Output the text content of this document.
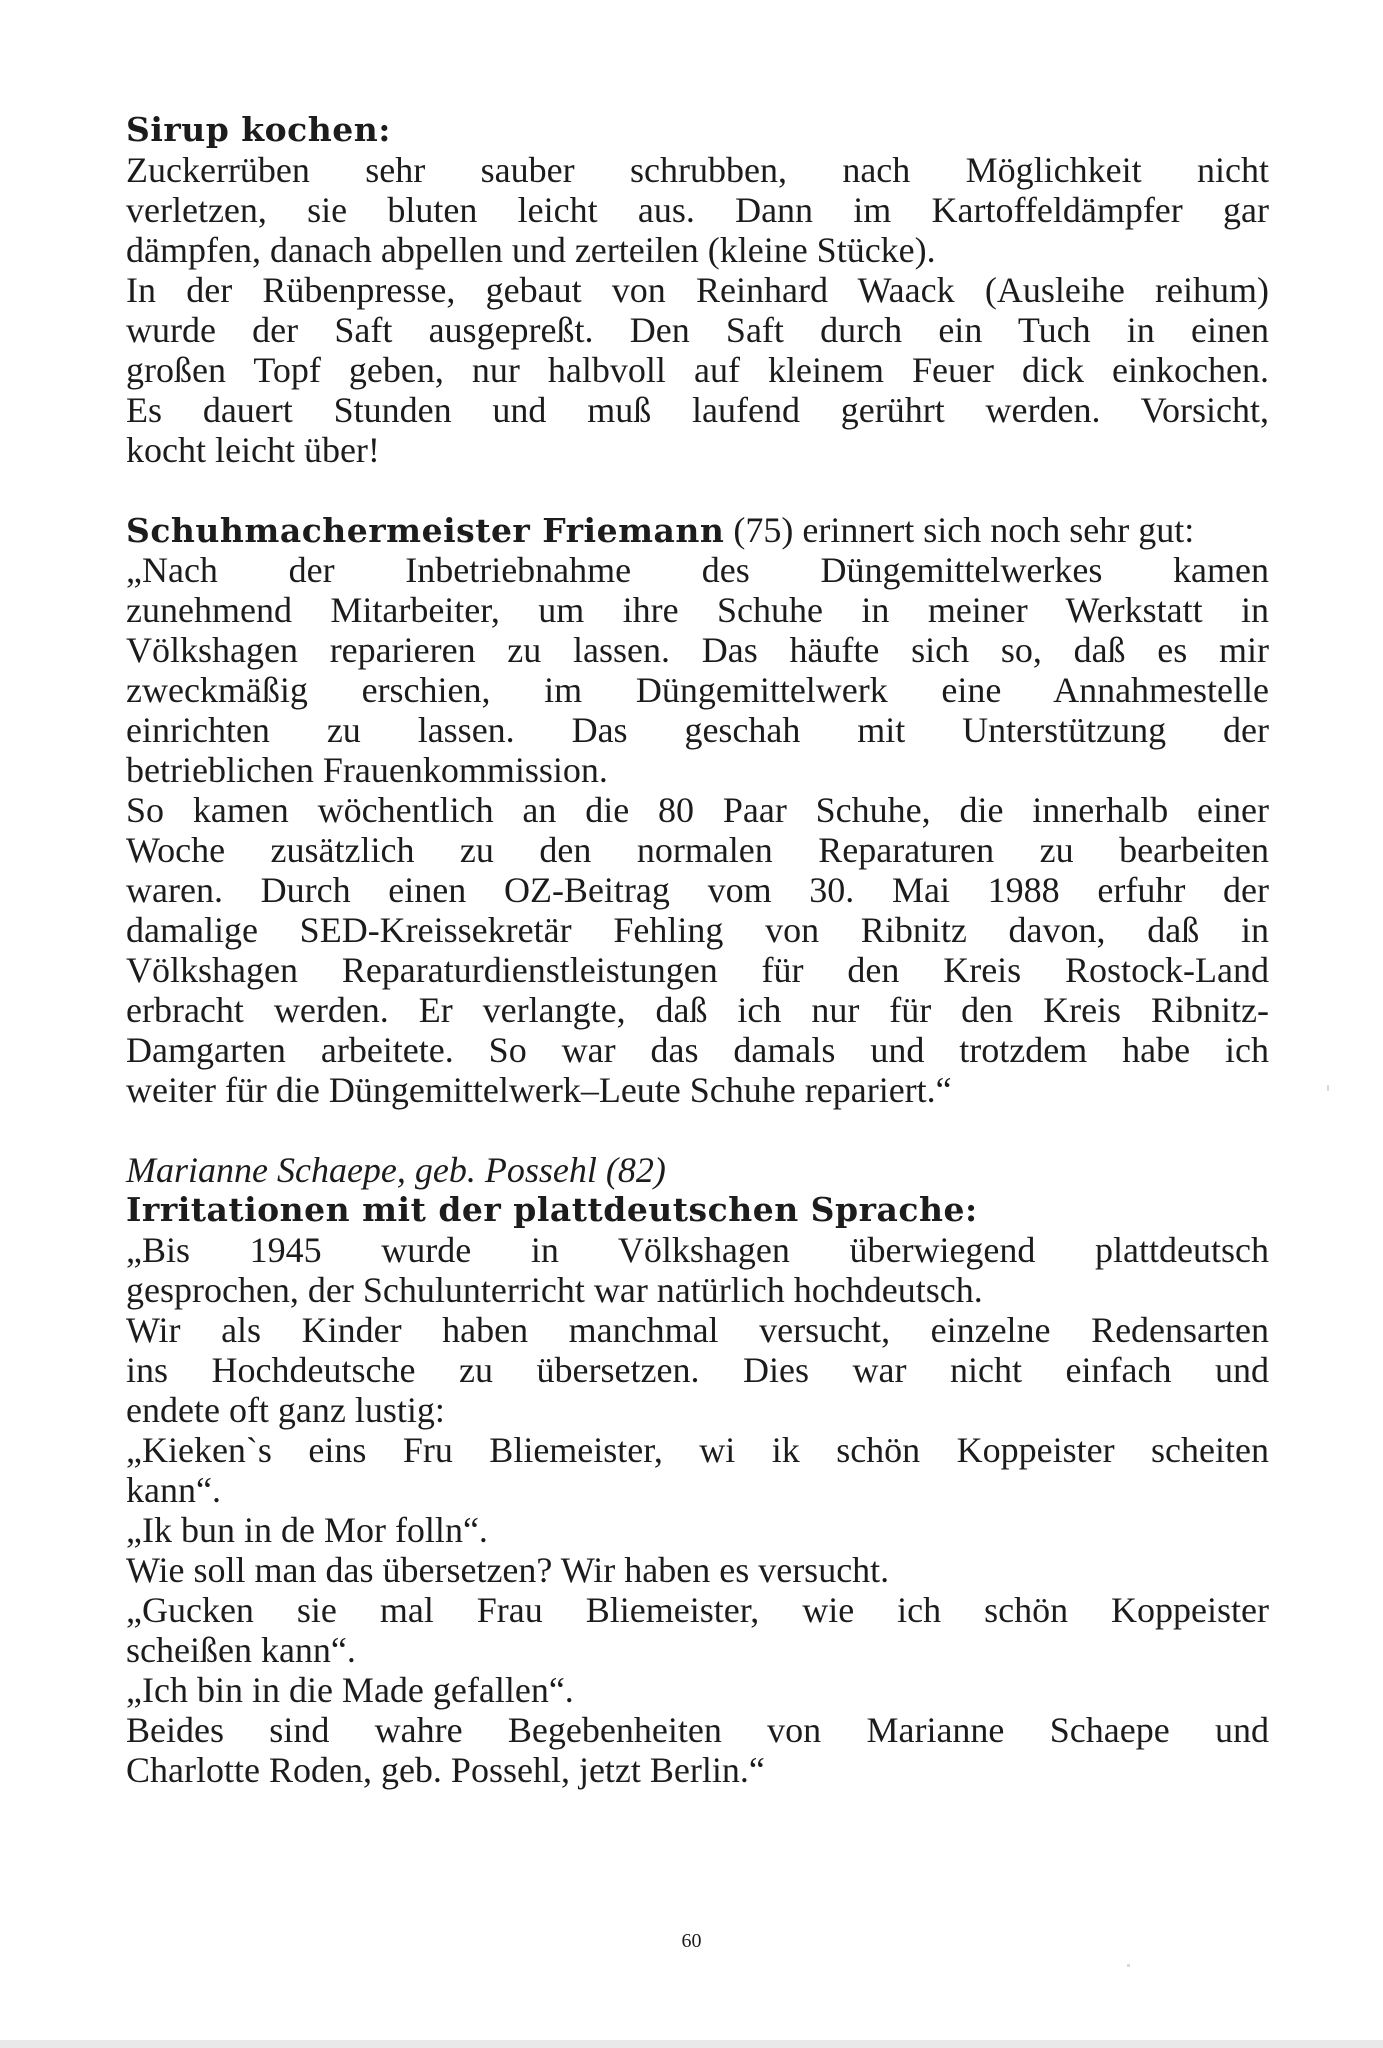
Sirup kochen:
Zuckerrüben sehr sauber schrubben, nach Möglichkeit nicht
verletzen, sie bluten leicht aus. Dann im Kartoffeldämpfer gar
dämpfen, danach abpellen und zerteilen (kleine Stücke).
In der Rübenpresse, gebaut von Reinhard Waack (Ausleihe reihum)
wurde der Saft ausgepreßt. Den Saft durch ein Tuch in einen
großen Topf geben, nur halbvoll auf kleinem Feuer dick einkochen.
Es dauert Stunden und muß laufend gerührt werden. Vorsicht,
kocht leicht über!
Schuhmachermeister Friemann (75) erinnert sich noch sehr gut:
„Nach der Inbetriebnahme des Düngemittelwerkes kamen
zunehmend Mitarbeiter, um ihre Schuhe in meiner Werkstatt in
Völkshagen reparieren zu lassen. Das häufte sich so, daß es mir
zweckmäßig erschien, im Düngemittelwerk eine Annahmestelle
einrichten zu lassen. Das geschah mit Unterstützung der
betrieblichen Frauenkommission.
So kamen wöchentlich an die 80 Paar Schuhe, die innerhalb einer
Woche zusätzlich zu den normalen Reparaturen zu bearbeiten
waren. Durch einen OZ-Beitrag vom 30. Mai 1988 erfuhr der
damalige SED-Kreissekretär Fehling von Ribnitz davon, daß in
Völkshagen Reparaturdienstleistungen für den Kreis Rostock-Land
erbracht werden. Er verlangte, daß ich nur für den Kreis Ribnitz-
Damgarten arbeitete. So war das damals und trotzdem habe ich
weiter für die Düngemittelwerk–Leute Schuhe repariert.“
Marianne Schaepe, geb. Possehl (82)
Irritationen mit der plattdeutschen Sprache:
„Bis 1945 wurde in Völkshagen überwiegend plattdeutsch
gesprochen, der Schulunterricht war natürlich hochdeutsch.
Wir als Kinder haben manchmal versucht, einzelne Redensarten
ins Hochdeutsche zu übersetzen. Dies war nicht einfach und
endete oft ganz lustig:
„Kieken`s eins Fru Bliemeister, wi ik schön Koppeister scheiten
kann“.
„Ik bun in de Mor folln“.
Wie soll man das übersetzen? Wir haben es versucht.
„Gucken sie mal Frau Bliemeister, wie ich schön Koppeister
scheißen kann“.
„Ich bin in die Made gefallen“.
Beides sind wahre Begebenheiten von Marianne Schaepe und
Charlotte Roden, geb. Possehl, jetzt Berlin.“
60
